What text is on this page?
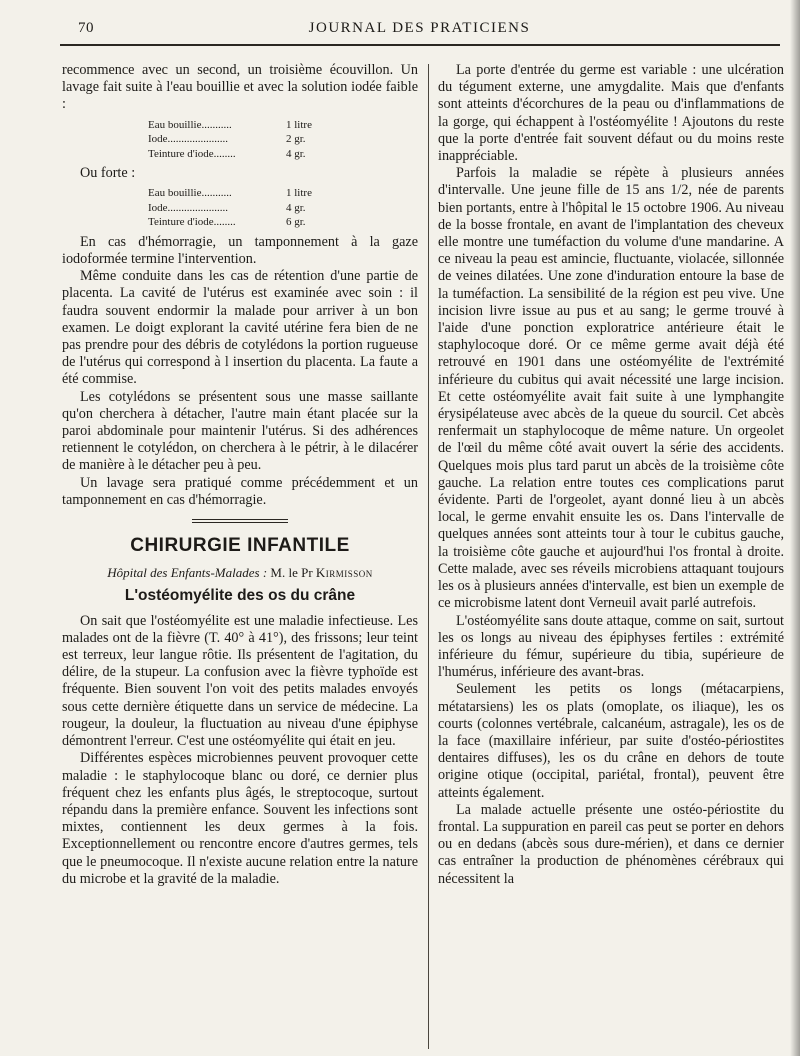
70	JOURNAL DES PRATICIENS

recommence avec un second, un troisième écouvillon. Un lavage fait suite à l'eau bouillie et avec la solution iodée faible :

Eau bouillie...........	1 litre
Iode......................	2 gr.
Teinture d'iode........	4 gr.

Ou forte :

Eau bouillie...........	1 litre
Iode......................	4 gr.
Teinture d'iode........	6 gr.

En cas d'hémorragie, un tamponnement à la gaze iodoformée termine l'intervention.

Même conduite dans les cas de rétention d'une partie de placenta. La cavité de l'utérus est examinée avec soin : il faudra souvent endormir la malade pour arriver à un bon examen. Le doigt explorant la cavité utérine fera bien de ne pas prendre pour des débris de cotylédons la portion rugueuse de l'utérus qui correspond à l insertion du placenta. La faute a été commise.

Les cotylédons se présentent sous une masse saillante qu'on cherchera à détacher, l'autre main étant placée sur la paroi abdominale pour maintenir l'utérus. Si des adhérences retiennent le cotylédon, on cherchera à le pétrir, à le dilacérer de manière à le détacher peu à peu.

Un lavage sera pratiqué comme précédemment et un tamponnement en cas d'hémorragie.

CHIRURGIE INFANTILE
Hôpital des Enfants-Malades : M. le Pr Kirmisson
L'ostéomyélite des os du crâne

On sait que l'ostéomyélite est une maladie infectieuse. Les malades ont de la fièvre (T. 40° à 41°), des frissons; leur teint est terreux, leur langue rôtie. Ils présentent de l'agitation, du délire, de la stupeur. La confusion avec la fièvre typhoïde est fréquente. Bien souvent l'on voit des petits malades envoyés sous cette dernière étiquette dans un service de médecine. La rougeur, la douleur, la fluctuation au niveau d'une épiphyse démontrent l'erreur. C'est une ostéomyélite qui était en jeu.

Différentes espèces microbiennes peuvent provoquer cette maladie : le staphylocoque blanc ou doré, ce dernier plus fréquent chez les enfants plus âgés, le streptocoque, surtout répandu dans la première enfance. Souvent les infections sont mixtes, contiennent les deux germes à la fois. Exceptionnellement ou rencontre encore d'autres germes, tels que le pneumocoque. Il n'existe aucune relation entre la nature du microbe et la gravité de la maladie.

La porte d'entrée du germe est variable : une ulcération du tégument externe, une amygdalite. Mais que d'enfants sont atteints d'écorchures de la peau ou d'inflammations de la gorge, qui échappent à l'ostéomyélite ! Ajoutons du reste que la porte d'entrée fait souvent défaut ou du moins reste inappréciable.

Parfois la maladie se répète à plusieurs années d'intervalle. Une jeune fille de 15 ans 1/2, née de parents bien portants, entre à l'hôpital le 15 octobre 1906. Au niveau de la bosse frontale, en avant de l'implantation des cheveux elle montre une tuméfaction du volume d'une mandarine. A ce niveau la peau est amincie, fluctuante, violacée, sillonnée de veines dilatées. Une zone d'induration entoure la base de la tuméfaction. La sensibilité de la région est peu vive. Une incision livre issue au pus et au sang; le germe trouvé à l'aide d'une ponction exploratrice antérieure était le staphylocoque doré. Or ce même germe avait déjà été retrouvé en 1901 dans une ostéomyélite de l'extrémité inférieure du cubitus qui avait nécessité une large incision. Et cette ostéomyélite avait fait suite à une lymphangite érysipélateuse avec abcès de la queue du sourcil. Cet abcès renfermait un staphylocoque de même nature. Un orgeolet de l'œil du même côté avait ouvert la série des accidents. Quelques mois plus tard parut un abcès de la troisième côte gauche. La relation entre toutes ces complications parut évidente. Parti de l'orgeolet, ayant donné lieu à un abcès local, le germe envahit ensuite les os. Dans l'intervalle de quelques années sont atteints tour à tour le cubitus gauche, la troisième côte gauche et aujourd'hui l'os frontal à droite. Cette malade, avec ses réveils microbiens attaquant toujours les os à plusieurs années d'intervalle, est bien un exemple de ce microbisme latent dont Verneuil avait parlé autrefois.

L'ostéomyélite sans doute attaque, comme on sait, surtout les os longs au niveau des épiphyses fertiles : extrémité inférieure du fémur, supérieure du tibia, supérieure de l'humérus, inférieure des avant-bras.

Seulement les petits os longs (métacarpiens, métatarsiens) les os plats (omoplate, os iliaque), les os courts (colonnes vertébrale, calcanéum, astragale), les os de la face (maxillaire inférieur, par suite d'ostéo-périostites dentaires diffuses), les os du crâne en dehors de toute origine otique (occipital, pariétal, frontal), peuvent être atteints également.

La malade actuelle présente une ostéo-périostite du frontal. La suppuration en pareil cas peut se porter en dehors ou en dedans (abcès sous dure-mérien), et dans ce dernier cas entraîner la production de phénomènes cérébraux qui nécessitent la
